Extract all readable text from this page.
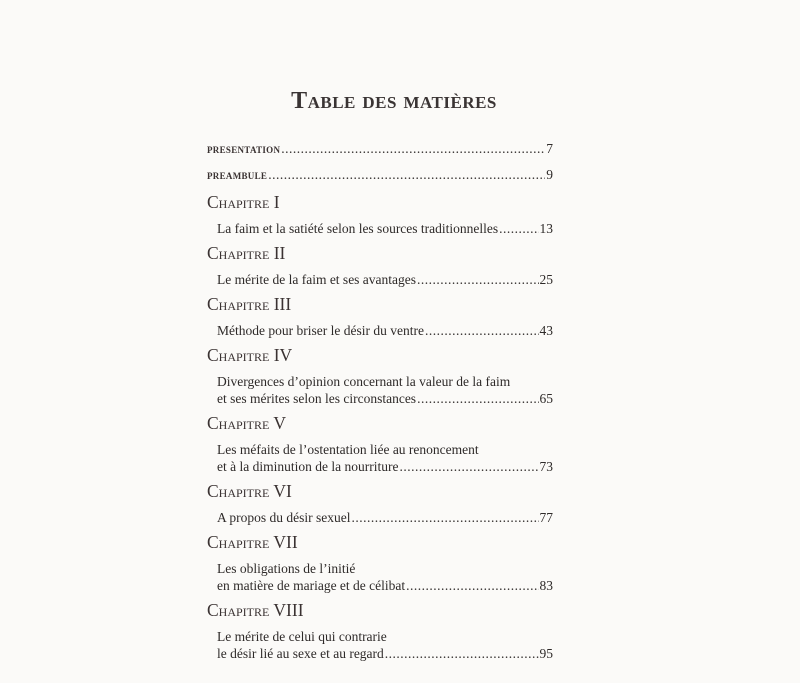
Table des matières
presentation .....	7
preambule .....	9
Chapitre I
La faim et la satiété selon les sources traditionnelles .....	13
Chapitre II
Le mérite de la faim et ses avantages .....	25
Chapitre III
Méthode pour briser le désir du ventre .....	43
Chapitre IV
Divergences d’opinion concernant la valeur de la faim
et ses mérites selon les circonstances .....	65
Chapitre V
Les méfaits de l’ostentation liée au renoncement
et à la diminution de la nourriture .....	73
Chapitre VI
A propos du désir sexuel .....	77
Chapitre VII
Les obligations de l’initié
en matière de mariage et de célibat .....	83
Chapitre VIII
Le mérite de celui qui contrarie
le désir lié au sexe et au regard .....	95
